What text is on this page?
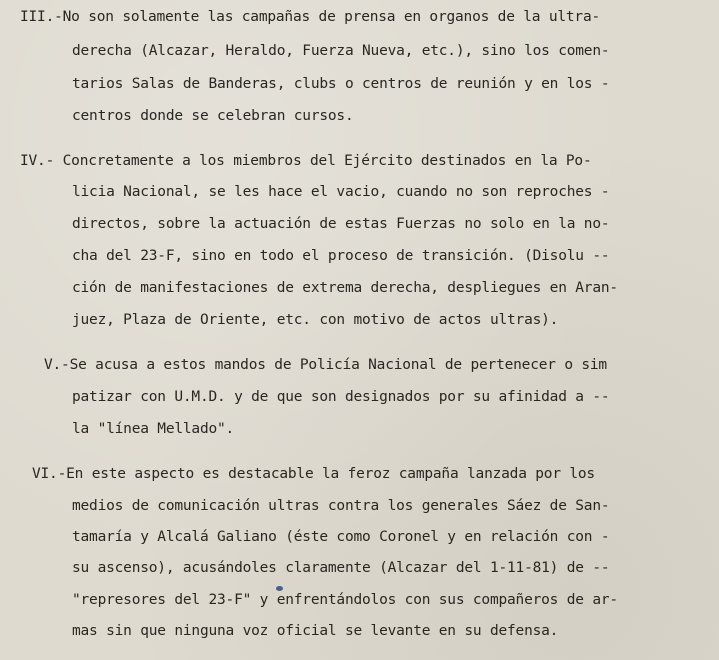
III.-No son solamente las campañas de prensa en organos de la ultra-
derecha (Alcazar, Heraldo, Fuerza Nueva, etc.), sino los comen-
tarios Salas de Banderas, clubs o centros de reunión y en los -
centros donde se celebran cursos.
IV.- Concretamente a los miembros del Ejército destinados en la Po-
licia Nacional, se les hace el vacio, cuando no son reproches -
directos, sobre la actuación de estas Fuerzas no solo en la no-
cha del 23-F, sino en todo el proceso de transición. (Disolu --
ción de manifestaciones de extrema derecha, despliegues en Aran-
juez, Plaza de Oriente, etc. con motivo de actos ultras).
V.-Se acusa a estos mandos de Policía Nacional de pertenecer o sim
patizar con U.M.D. y de que son designados por su afinidad a --
la "línea Mellado".
VI.-En este aspecto es destacable la feroz campaña lanzada por los
medios de comunicación ultras contra los generales Sáez de San-
tamaría y Alcalá Galiano (éste como Coronel y en relación con -
su ascenso), acusándoles claramente (Alcazar del 1-11-81) de --
"represores del 23-F" y enfrentándolos con sus compañeros de ar-
mas sin que ninguna voz oficial se levante en su defensa.
